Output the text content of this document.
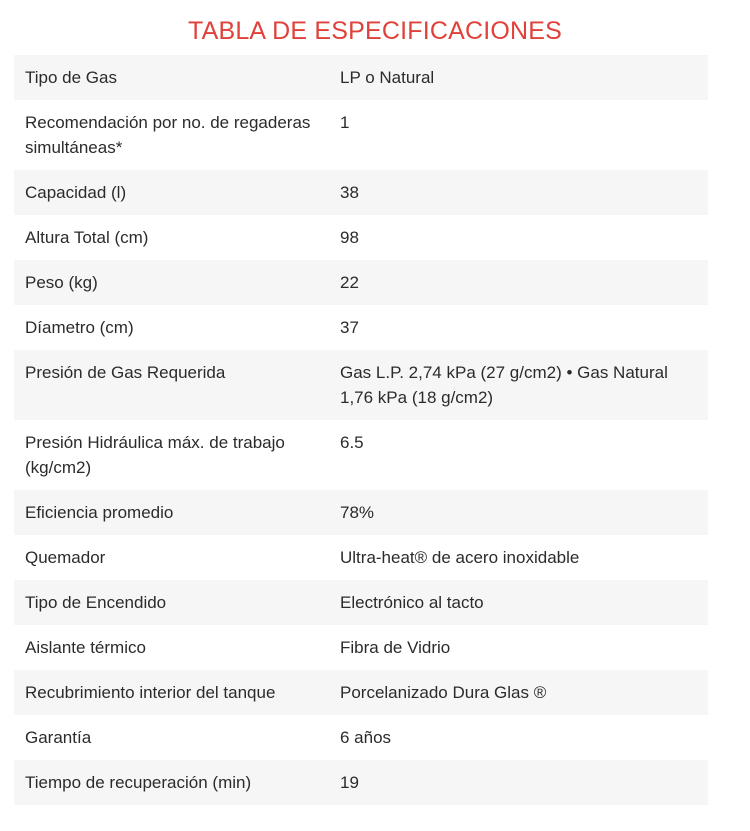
TABLA DE ESPECIFICACIONES
Tipo de Gas	LP o Natural
Recomendación por no. de regaderas simultáneas*	1
Capacidad (l)	38
Altura Total (cm)	98
Peso (kg)	22
Díametro (cm)	37
Presión de Gas Requerida	Gas L.P. 2,74 kPa (27 g/cm2) • Gas Natural 1,76 kPa (18 g/cm2)
Presión Hidráulica máx. de trabajo (kg/cm2)	6.5
Eficiencia promedio	78%
Quemador	Ultra-heat® de acero inoxidable
Tipo de Encendido	Electrónico al tacto
Aislante térmico	Fibra de Vidrio
Recubrimiento interior del tanque	Porcelanizado Dura Glas ®
Garantía	6 años
Tiempo de recuperación (min)	19
